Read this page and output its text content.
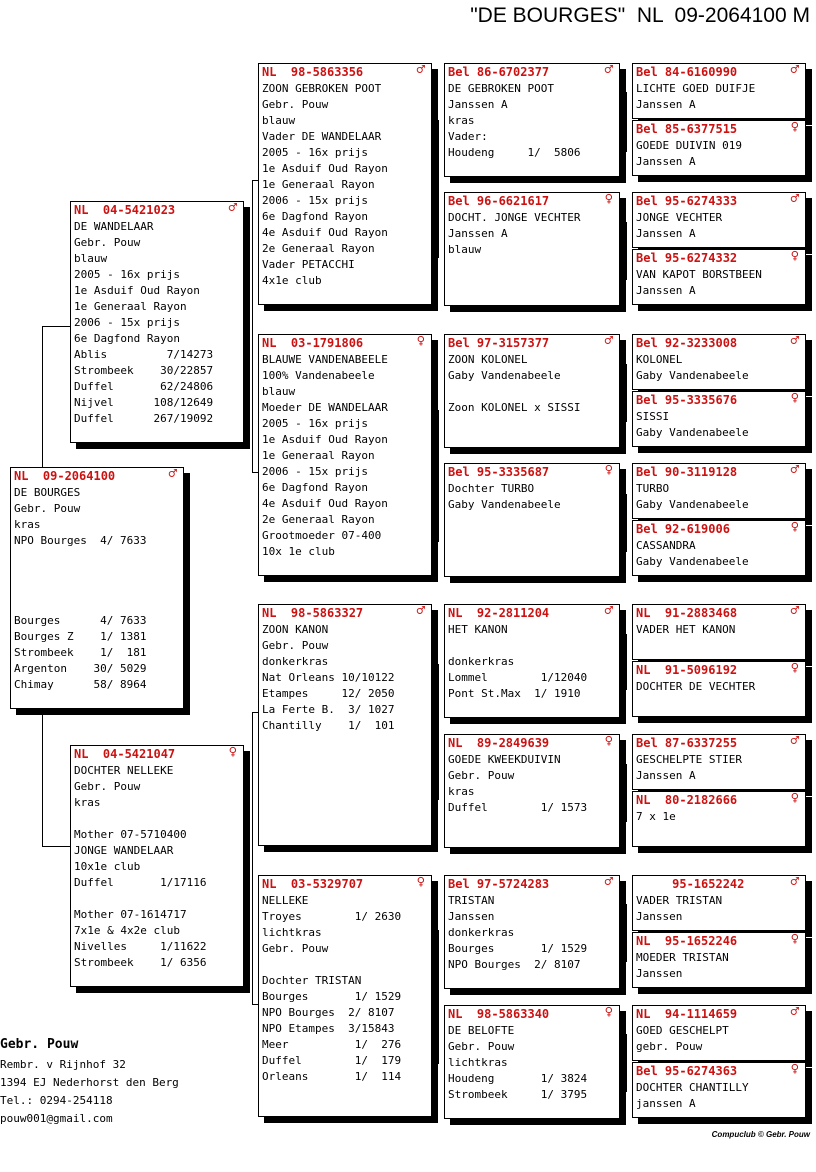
"DE BOURGES"  NL  09-2064100 M
NL  09-2064100	♂
DE BOURGES
Gebr. Pouw
kras
NPO Bourges  4/ 7633
Bourges      4/ 7633
Bourges Z    1/ 1381
Strombeek    1/  181
Argenton    30/ 5029
Chimay      58/ 8964
NL  04-5421023	♂
DE WANDELAAR
Gebr. Pouw
blauw
2005 - 16x prijs
1e Asduif Oud Rayon
1e Generaal Rayon
2006 - 15x prijs
6e Dagfond Rayon
Ablis         7/14273
Strombeek    30/22857
Duffel       62/24806
Nijvel      108/12649
Duffel      267/19092
NL  04-5421047	♀
DOCHTER NELLEKE
Gebr. Pouw
kras
Mother 07-5710400
JONGE WANDELAAR
10x1e club
Duffel       1/17116
Mother 07-1614717
7x1e & 4x2e club
Nivelles     1/11622
Strombeek    1/ 6356
NL  98-5863356	♂
ZOON GEBROKEN POOT
Gebr. Pouw
blauw
Vader DE WANDELAAR
2005 - 16x prijs
1e Asduif Oud Rayon
1e Generaal Rayon
2006 - 15x prijs
6e Dagfond Rayon
4e Asduif Oud Rayon
2e Generaal Rayon
Vader PETACCHI
4x1e club
NL  03-1791806	♀
BLAUWE VANDENABEELE
100% Vandenabeele
blauw
Moeder DE WANDELAAR
2005 - 16x prijs
1e Asduif Oud Rayon
1e Generaal Rayon
2006 - 15x prijs
6e Dagfond Rayon
4e Asduif Oud Rayon
2e Generaal Rayon
Grootmoeder 07-400
10x 1e club
NL  98-5863327	♂
ZOON KANON
Gebr. Pouw
donkerkras
Nat Orleans 10/10122
Etampes     12/ 2050
La Ferte B.  3/ 1027
Chantilly    1/  101
NL  03-5329707	♀
NELLEKE
Troyes        1/ 2630
lichtkras
Gebr. Pouw
Dochter TRISTAN
Bourges       1/ 1529
NPO Bourges  2/ 8107
NPO Etampes  3/15843
Meer          1/  276
Duffel        1/  179
Orleans       1/  114
Bel 86-6702377	♂
DE GEBROKEN POOT
Janssen A
kras
Vader:
Houdeng     1/  5806
Bel 96-6621617	♀
DOCHT. JONGE VECHTER
Janssen A
blauw
Bel 97-3157377	♂
ZOON KOLONEL
Gaby Vandenabeele
Zoon KOLONEL x SISSI
Bel 95-3335687	♀
Dochter TURBO
Gaby Vandenabeele
NL  92-2811204	♂
HET KANON
donkerkras
Lommel        1/12040
Pont St.Max  1/ 1910
NL  89-2849639	♀
GOEDE KWEEKDUIVIN
Gebr. Pouw
kras
Duffel        1/ 1573
Bel 97-5724283	♂
TRISTAN
Janssen
donkerkras
Bourges       1/ 1529
NPO Bourges  2/ 8107
NL  98-5863340	♀
DE BELOFTE
Gebr. Pouw
lichtkras
Houdeng       1/ 3824
Strombeek     1/ 3795
Bel 84-6160990	♂
LICHTE GOED DUIFJE
Janssen A
Bel 85-6377515	♀
GOEDE DUIVIN 019
Janssen A
Bel 95-6274333	♂
JONGE VECHTER
Janssen A
Bel 95-6274332	♀
VAN KAPOT BORSTBEEN
Janssen A
Bel 92-3233008	♂
KOLONEL
Gaby Vandenabeele
Bel 95-3335676	♀
SISSI
Gaby Vandenabeele
Bel 90-3119128	♂
TURBO
Gaby Vandenabeele
Bel 92-619006	♀
CASSANDRA
Gaby Vandenabeele
NL  91-2883468	♂
VADER HET KANON
NL  91-5096192	♀
DOCHTER DE VECHTER
Bel 87-6337255	♂
GESCHELPTE STIER
Janssen A
NL  80-2182666	♀
7 x 1e
95-1652242	♂
VADER TRISTAN
Janssen
NL  95-1652246	♀
MOEDER TRISTAN
Janssen
NL  94-1114659	♂
GOED GESCHELPT
gebr. Pouw
Bel 95-6274363	♀
DOCHTER CHANTILLY
janssen A
Gebr. Pouw
Rembr. v Rijnhof 32
1394 EJ Nederhorst den Berg
Tel.: 0294-254118
pouw001@gmail.com
Compuclub © Gebr. Pouw
